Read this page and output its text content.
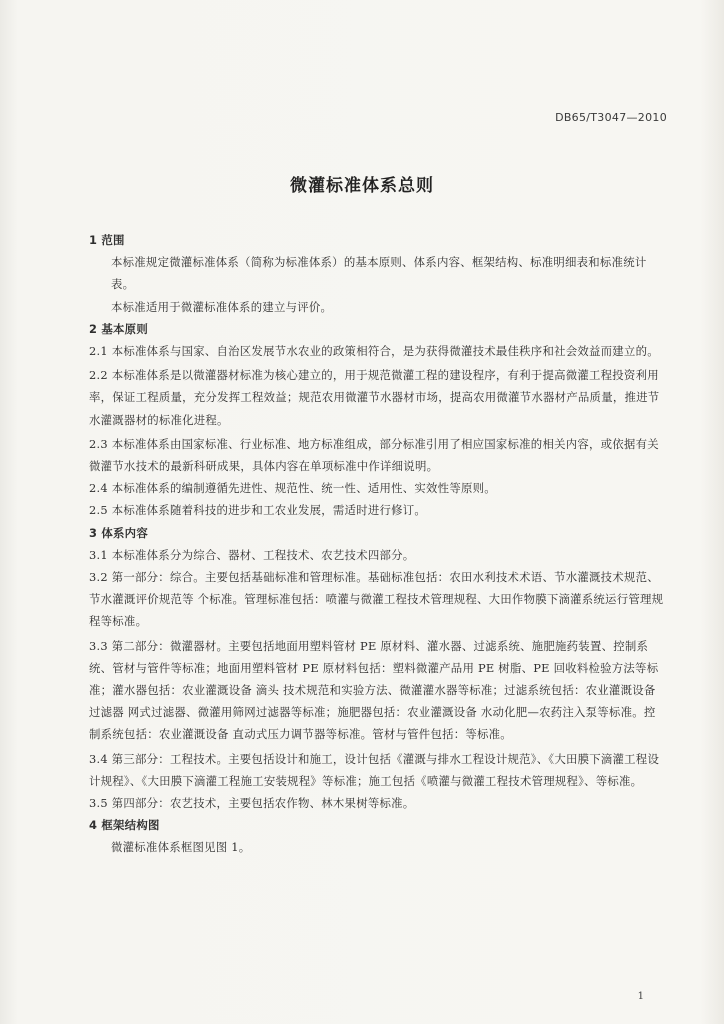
DB65/T3047—2010
微灌标准体系总则
1 范围
本标准规定微灌标准体系（简称为标准体系）的基本原则、体系内容、框架结构、标准明细表和标准统计表。
本标准适用于微灌标准体系的建立与评价。
2 基本原则
2.1 本标准体系与国家、自治区发展节水农业的政策相符合，是为获得微灌技术最佳秩序和社会效益而建立的。
2.2 本标准体系是以微灌器材标准为核心建立的，用于规范微灌工程的建设程序，有利于提高微灌工程投资利用率，保证工程质量，充分发挥工程效益；规范农用微灌节水器材市场，提高农用微灌节水器材产品质量，推进节水灌溉器材的标准化进程。
2.3 本标准体系由国家标准、行业标准、地方标准组成，部分标准引用了相应国家标准的相关内容，或依据有关微灌节水技术的最新科研成果，具体内容在单项标准中作详细说明。
2.4 本标准体系的编制遵循先进性、规范性、统一性、适用性、实效性等原则。
2.5 本标准体系随着科技的进步和工农业发展，需适时进行修订。
3 体系内容
3.1 本标准体系分为综合、器材、工程技术、农艺技术四部分。
3.2 第一部分：综合。主要包括基础标准和管理标准。基础标准包括：农田水利技术术语、节水灌溉技术规范、节水灌溉评价规范等 个标准。管理标准包括：喷灌与微灌工程技术管理规程、大田作物膜下滴灌系统运行管理规程等标准。
3.3 第二部分：微灌器材。主要包括地面用塑料管材 PE 原材料、灌水器、过滤系统、施肥施药装置、控制系统、管材与管件等标准；地面用塑料管材 PE 原材料包括：塑料微灌产品用 PE 树脂、PE 回收料检验方法等标准；灌水器包括：农业灌溉设备 滴头 技术规范和实验方法、微灌灌水器等标准；过滤系统包括：农业灌溉设备 过滤器 网式过滤器、微灌用筛网过滤器等标准；施肥器包括：农业灌溉设备 水动化肥—农药注入泵等标准。控制系统包括：农业灌溉设备 直动式压力调节器等标准。管材与管件包括：等标准。
3.4 第三部分：工程技术。主要包括设计和施工，设计包括《灌溉与排水工程设计规范》、《大田膜下滴灌工程设计规程》、《大田膜下滴灌工程施工安装规程》等标准；施工包括《喷灌与微灌工程技术管理规程》、等标准。
3.5 第四部分：农艺技术，主要包括农作物、林木果树等标准。
4 框架结构图
微灌标准体系框图见图 1。
1
